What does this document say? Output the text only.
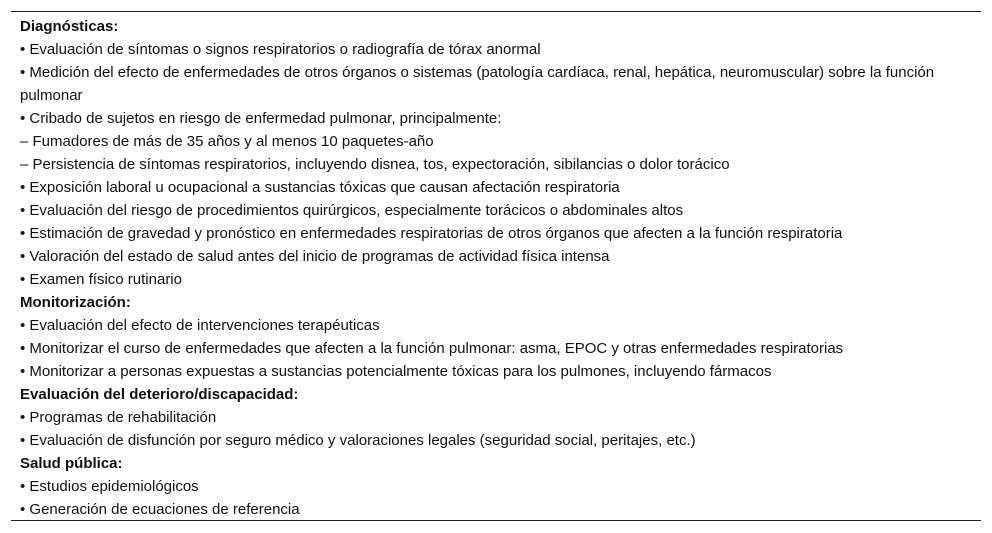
Diagnósticas:
• Evaluación de síntomas o signos respiratorios o radiografía de tórax anormal
• Medición del efecto de enfermedades de otros órganos o sistemas (patología cardíaca, renal, hepática, neuromuscular) sobre la función pulmonar
• Cribado de sujetos en riesgo de enfermedad pulmonar, principalmente:
– Fumadores de más de 35 años y al menos 10 paquetes-año
– Persistencia de síntomas respiratorios, incluyendo disnea, tos, expectoración, sibilancias o dolor torácico
• Exposición laboral u ocupacional a sustancias tóxicas que causan afectación respiratoria
• Evaluación del riesgo de procedimientos quirúrgicos, especialmente torácicos o abdominales altos
• Estimación de gravedad y pronóstico en enfermedades respiratorias de otros órganos que afecten a la función respiratoria
• Valoración del estado de salud antes del inicio de programas de actividad física intensa
• Examen físico rutinario
Monitorización:
• Evaluación del efecto de intervenciones terapéuticas
• Monitorizar el curso de enfermedades que afecten a la función pulmonar: asma, EPOC y otras enfermedades respiratorias
• Monitorizar a personas expuestas a sustancias potencialmente tóxicas para los pulmones, incluyendo fármacos
Evaluación del deterioro/discapacidad:
• Programas de rehabilitación
• Evaluación de disfunción por seguro médico y valoraciones legales (seguridad social, peritajes, etc.)
Salud pública:
• Estudios epidemiológicos
• Generación de ecuaciones de referencia
